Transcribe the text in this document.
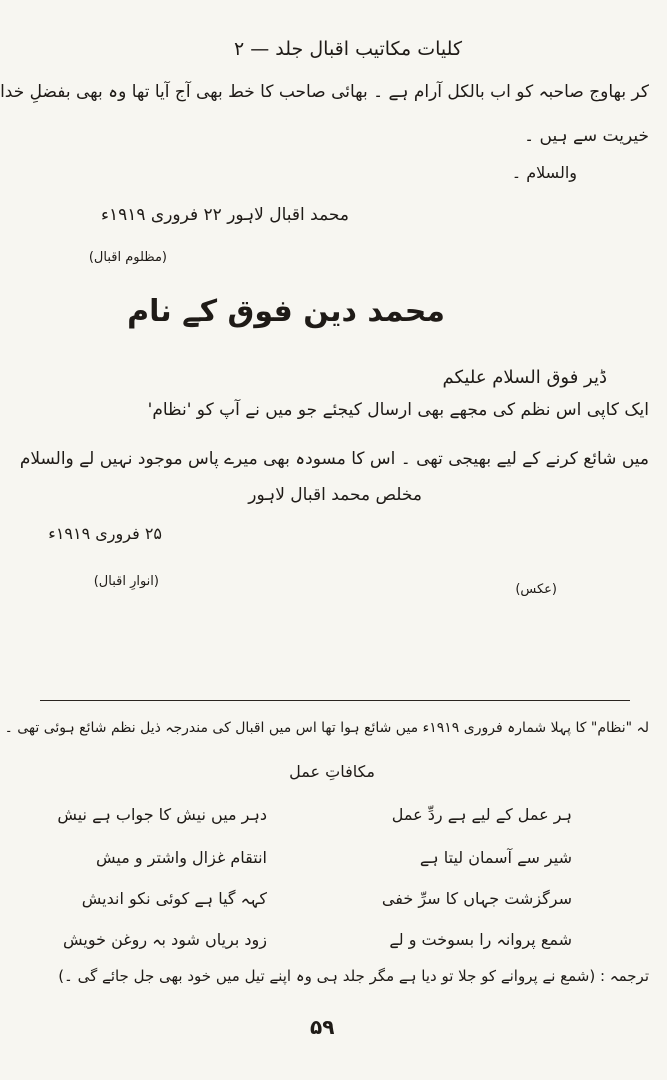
کلیات مکاتیب اقبال جلد — ۲
کر بھاوج صاحبہ کو اب بالکل آرام ہے ۔ بھائی صاحب کا خط بھی آج آیا تھا وہ بھی بفضلِ خدا
خیریت سے ہیں ۔
والسلام ۔
محمد اقبال لاہور ۲۲ فروری ۱۹۱۹ء
(مظلوم اقبال)
محمد دین فوق کے نام
ڈیر فوق السلام علیکم
ایک کاپی اس نظم کی مجھے بھی ارسال کیجئے جو میں نے آپ کو 'نظام'
میں شائع کرنے کے لیے بھیجی تھی ۔ اس کا مسودہ بھی میرے پاس موجود نہیں لے والسلام
مخلص محمد اقبال لاہور
۲۵ فروری ۱۹۱۹ء
(انوارِ اقبال)
(عکس)
لہ "نظام" کا پہلا شمارہ فروری ۱۹۱۹ء میں شائع ہوا تھا اس میں اقبال کی مندرجہ ذیل نظم شائع ہوئی تھی ۔
مکافاتِ عمل
ہر عمل کے لیے ہے ردِّ عمل
دہر میں نیش کا جواب ہے نیش
شیر سے آسمان لیتا ہے
انتقام غزال واشتر و میش
سرگزشت جہاں کا سرِّ خفی
کہہ گیا ہے کوئی نکو اندیش
شمع پروانہ را بسوخت و لے
زود بریاں شود بہ روغن خویش
ترجمہ : (شمع نے پروانے کو جلا تو دیا ہے مگر جلد ہی وہ اپنے تیل میں خود بھی جل جائے گی ۔)
۵۹
